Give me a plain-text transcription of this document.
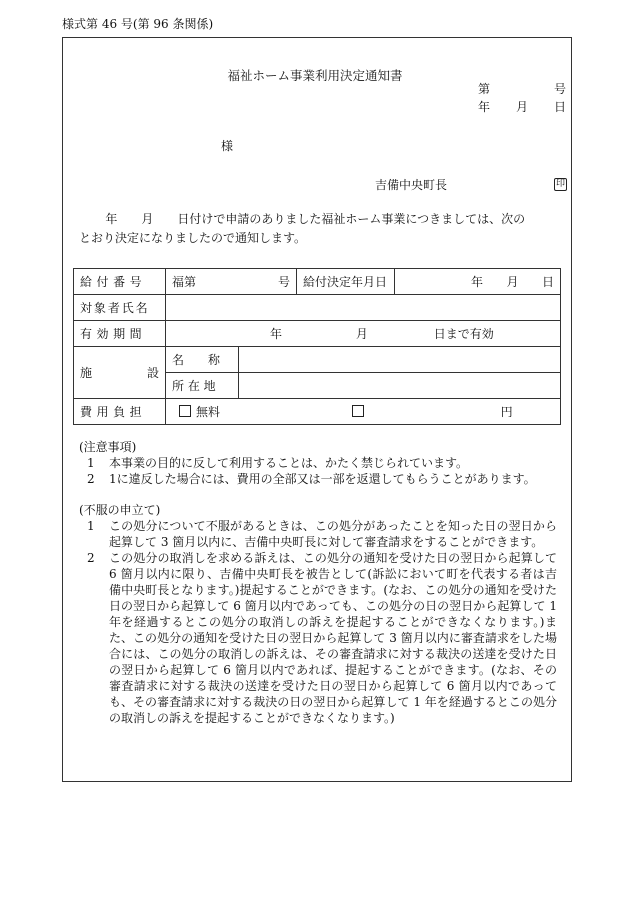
様式第 46 号(第 96 条関係)
福祉ホーム事業利用決定通知書
第	号
年 月 日
様
吉備中央町長	印

年　　月　　日付けで申請のありました福祉ホーム事業につきましては、次の

とおり決定になりましたので通知します。
給付番号	福第 号		給付決定年月日	年 月 日

対象者氏名				
有効期間	年 月 日まで有効			

施 設	名　　称			
	所 在 地			
費用負担	無料 円			

(注意事項)

1	本事業の目的に反して利用することは、かたく禁じられています。
2	1に違反した場合には、費用の全部又は一部を返還してもらうことがあります。

(不服の申立て)

1	この処分について不服があるときは、この処分があったことを知った日の翌日から起算して 3 箇月以内に、吉備中央町長に対して審査請求をすることができます。
2	この処分の取消しを求める訴えは、この処分の通知を受けた日の翌日から起算して 6 箇月以内に限り、吉備中央町長を被告として(訴訟において町を代表する者は吉備中央町長となります。)提起することができます。(なお、この処分の通知を受けた日の翌日から起算して 6 箇月以内であっても、この処分の日の翌日から起算して 1 年を経過するとこの処分の取消しの訴えを提起することができなくなります。)また、この処分の通知を受けた日の翌日から起算して 3 箇月以内に審査請求をした場合には、この処分の取消しの訴えは、その審査請求に対する裁決の送達を受けた日の翌日から起算して 6 箇月以内であれば、提起することができます。(なお、その審査請求に対する裁決の送達を受けた日の翌日から起算して 6 箇月以内であっても、その審査請求に対する裁決の日の翌日から起算して 1 年を経過するとこの処分の取消しの訴えを提起することができなくなります。)
